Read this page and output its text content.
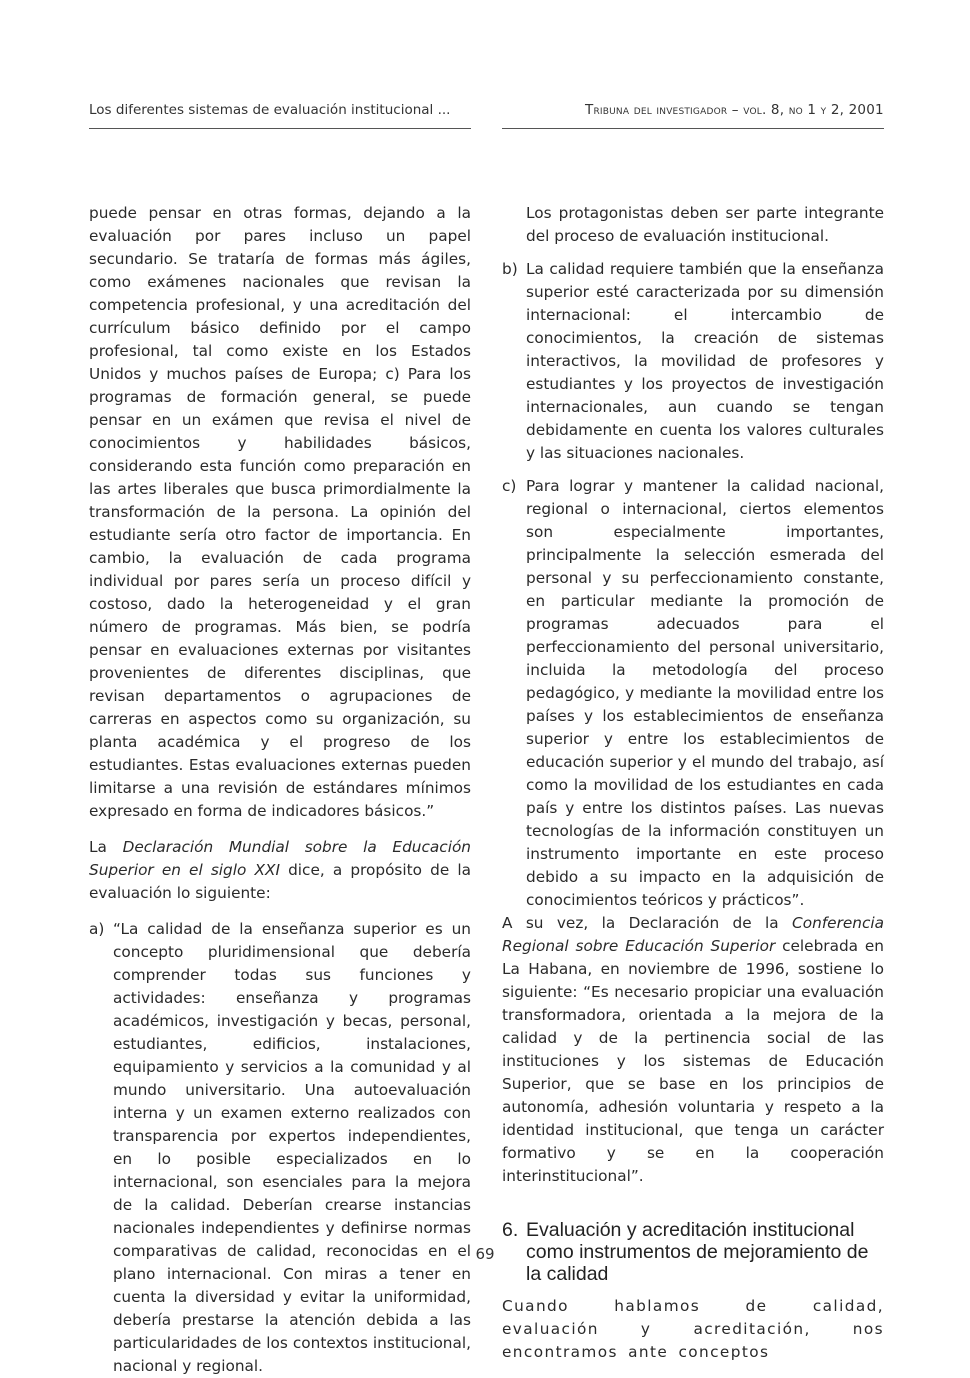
Los diferentes sistemas de evaluación institucional ...	Tribuna del investigador – vol. 8, no 1 y 2, 2001

puede pensar en otras formas, dejando a la evaluación por pares incluso un papel secundario. Se trataría de formas más ágiles, como exámenes nacionales que revisan la competencia profesional, y una acreditación del currículum básico definido por el campo profesional, tal como existe en los Estados Unidos y muchos países de Europa; c) Para los programas de formación general, se puede pensar en un exámen que revisa el nivel de conocimientos y habilidades básicos, considerando esta función como preparación en las artes liberales que busca primordialmente la transformación de la persona. La opinión del estudiante sería otro factor de importancia. En cambio, la evaluación de cada programa individual por pares sería un proceso difícil y costoso, dado la heterogeneidad y el gran número de programas. Más bien, se podría pensar en evaluaciones externas por visitantes provenientes de diferentes disciplinas, que revisan departamentos o agrupaciones de carreras en aspectos como su organización, su planta académica y el progreso de los estudiantes. Estas evaluaciones externas pueden limitarse a una revisión de estándares mínimos expresado en forma de indicadores básicos.”

La Declaración Mundial sobre la Educación Superior en el siglo XXI dice, a propósito de la evaluación lo siguiente:

a) “La calidad de la enseñanza superior es un concepto pluridimensional que debería comprender todas sus funciones y actividades: enseñanza y programas académicos, investigación y becas, personal, estudiantes, edificios, instalaciones, equipamiento y servicios a la comunidad y al mundo universitario. Una autoevaluación interna y un examen externo realizados con transparencia por expertos independientes, en lo posible especializados en lo internacional, son esenciales para la mejora de la calidad. Deberían crearse instancias nacionales independientes y definirse normas comparativas de calidad, reconocidas en el plano internacional. Con miras a tener en cuenta la diversidad y evitar la uniformidad, debería prestarse la atención debida a las particularidades de los contextos institucional, nacional y regional.

Los protagonistas deben ser parte integrante del proceso de evaluación institucional.

b) La calidad requiere también que la enseñanza superior esté caracterizada por su dimensión internacional: el intercambio de conocimientos, la creación de sistemas interactivos, la movilidad de profesores y estudiantes y los proyectos de investigación internacionales, aun cuando se tengan debidamente en cuenta los valores culturales y las situaciones nacionales.
c) Para lograr y mantener la calidad nacional, regional o internacional, ciertos elementos son especialmente importantes, principalmente la selección esmerada del personal y su perfeccionamiento constante, en particular mediante la promoción de programas adecuados para el perfeccionamiento del personal universitario, incluida la metodología del proceso pedagógico, y mediante la movilidad entre los países y los establecimientos de enseñanza superior y entre los establecimientos de educación superior y el mundo del trabajo, así como la movilidad de los estudiantes en cada país y entre los distintos países. Las nuevas tecnologías de la información constituyen un instrumento importante en este proceso debido a su impacto en la adquisición de conocimientos teóricos y prácticos”.

A su vez, la Declaración de la Conferencia Regional sobre Educación Superior celebrada en La Habana, en noviembre de 1996, sostiene lo siguiente: “Es necesario propiciar una evaluación transformadora, orientada a la mejora de la calidad y de la pertinencia social de las instituciones y los sistemas de Educación Superior, que se base en los principios de autonomía, adhesión voluntaria y respeto a la identidad institucional, que tenga un carácter formativo y se en la cooperación interinstitucional”.

6. Evaluación y acreditación institucional como instrumentos de mejoramiento de la calidad

Cuando hablamos de calidad, evaluación y acreditación, nos encontramos ante conceptos

69
